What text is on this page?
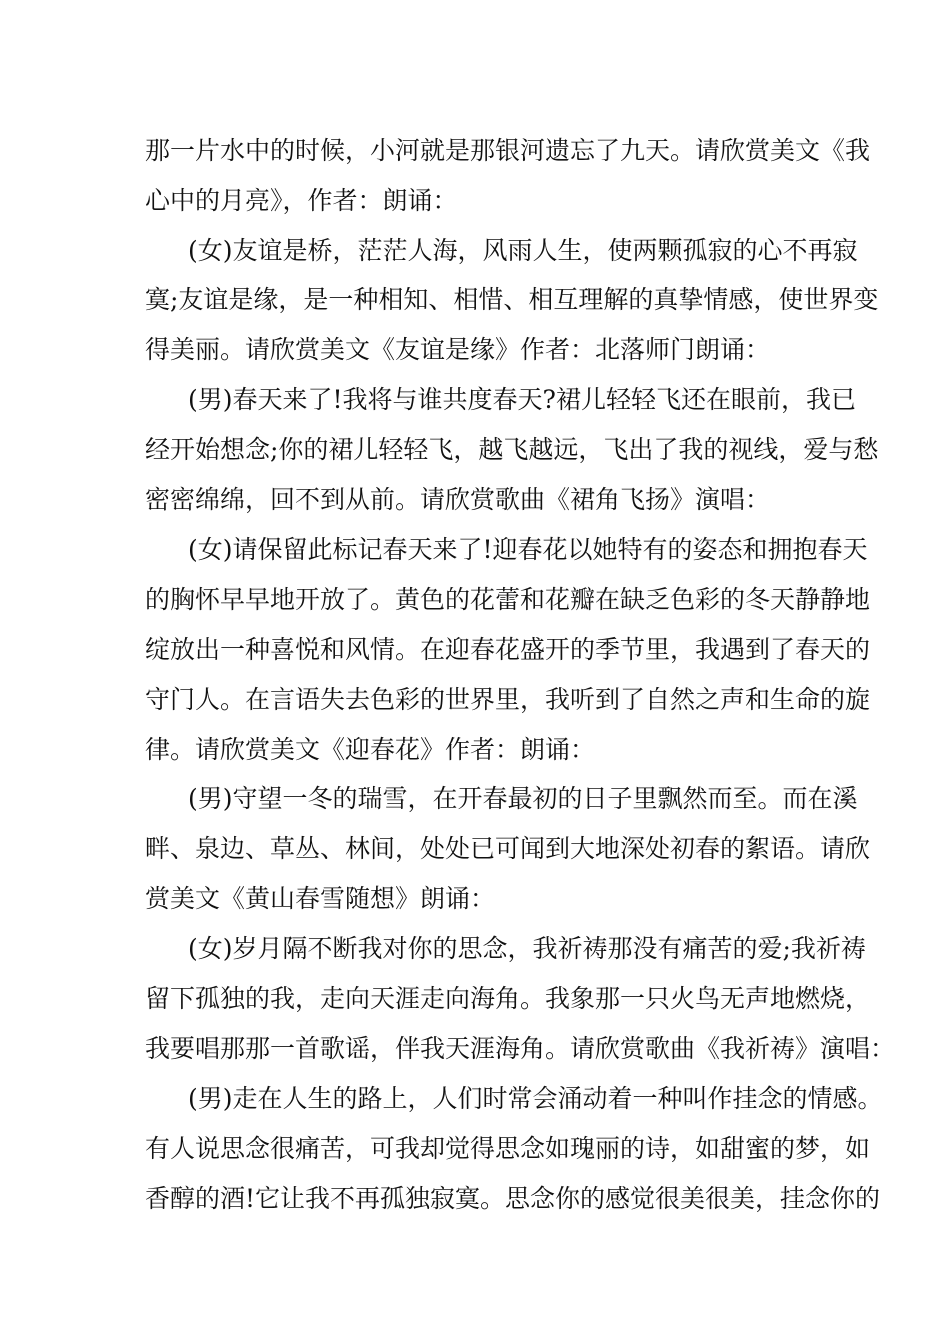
那一片水中的时候，小河就是那银河遗忘了九天。请欣赏美文《我
心中的月亮》，作者：朗诵：
(女)友谊是桥，茫茫人海，风雨人生，使两颗孤寂的心不再寂
寞;友谊是缘，是一种相知、相惜、相互理解的真挚情感，使世界变
得美丽。请欣赏美文《友谊是缘》作者：北落师门朗诵：
(男)春天来了!我将与谁共度春天?裙儿轻轻飞还在眼前，我已
经开始想念;你的裙儿轻轻飞，越飞越远，飞出了我的视线，爱与愁
密密绵绵，回不到从前。请欣赏歌曲《裙角飞扬》演唱：
(女)请保留此标记春天来了!迎春花以她特有的姿态和拥抱春天
的胸怀早早地开放了。黄色的花蕾和花瓣在缺乏色彩的冬天静静地
绽放出一种喜悦和风情。在迎春花盛开的季节里，我遇到了春天的
守门人。在言语失去色彩的世界里，我听到了自然之声和生命的旋
律。请欣赏美文《迎春花》作者：朗诵：
(男)守望一冬的瑞雪，在开春最初的日子里飘然而至。而在溪
畔、泉边、草丛、林间，处处已可闻到大地深处初春的絮语。请欣
赏美文《黄山春雪随想》朗诵：
(女)岁月隔不断我对你的思念，我祈祷那没有痛苦的爱;我祈祷
留下孤独的我，走向天涯走向海角。我象那一只火鸟无声地燃烧，
我要唱那那一首歌谣，伴我天涯海角。请欣赏歌曲《我祈祷》演唱：
(男)走在人生的路上，人们时常会涌动着一种叫作挂念的情感。
有人说思念很痛苦，可我却觉得思念如瑰丽的诗，如甜蜜的梦，如
香醇的酒!它让我不再孤独寂寞。思念你的感觉很美很美，挂念你的
